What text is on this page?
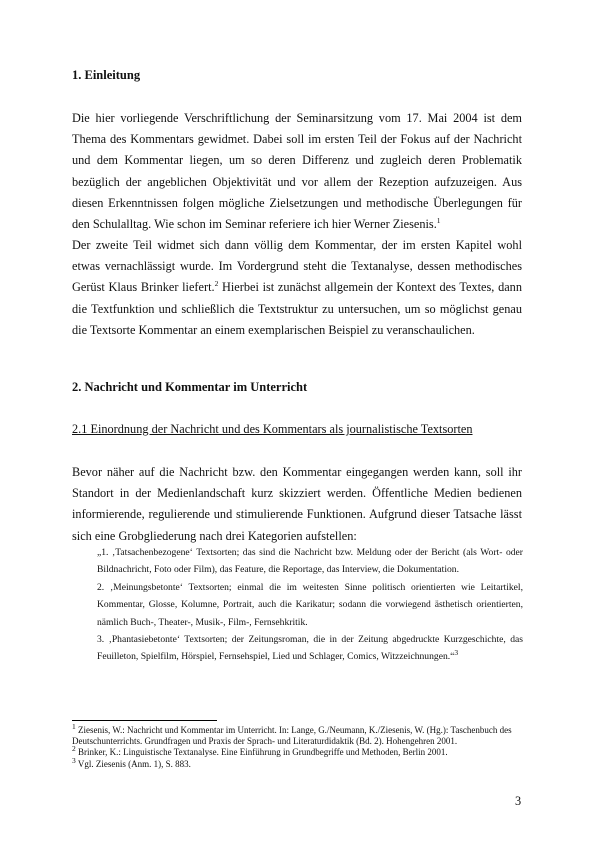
1. Einleitung
Die hier vorliegende Verschriftlichung der Seminarsitzung vom 17. Mai 2004 ist dem Thema des Kommentars gewidmet. Dabei soll im ersten Teil der Fokus auf der Nachricht und dem Kommentar liegen, um so deren Differenz und zugleich deren Problematik bezüglich der angeblichen Objektivität und vor allem der Rezeption aufzuzeigen. Aus diesen Erkenntnissen folgen mögliche Zielsetzungen und methodische Überlegungen für den Schulalltag. Wie schon im Seminar referiere ich hier Werner Ziesenis.$^1$
Der zweite Teil widmet sich dann völlig dem Kommentar, der im ersten Kapitel wohl etwas vernachlässigt wurde. Im Vordergrund steht die Textanalyse, dessen methodisches Gerüst Klaus Brinker liefert.$^2$ Hierbei ist zunächst allgemein der Kontext des Textes, dann die Textfunktion und schließlich die Textstruktur zu untersuchen, um so möglichst genau die Textsorte Kommentar an einem exemplarischen Beispiel zu veranschaulichen.
2. Nachricht und Kommentar im Unterricht
2.1 Einordnung der Nachricht und des Kommentars als journalistische Textsorten
Bevor näher auf die Nachricht bzw. den Kommentar eingegangen werden kann, soll ihr Standort in der Medienlandschaft kurz skizziert werden. Öffentliche Medien bedienen informierende, regulierende und stimulierende Funktionen. Aufgrund dieser Tatsache lässt sich eine Grobgliederung nach drei Kategorien aufstellen:
„1. ‚Tatsachenbezogene‘ Textsorten; das sind die Nachricht bzw. Meldung oder der Bericht (als Wort- oder Bildnachricht, Foto oder Film), das Feature, die Reportage, das Interview, die Dokumentation.
2. ‚Meinungsbetonte‘ Textsorten; einmal die im weitesten Sinne politisch orientierten wie Leitartikel, Kommentar, Glosse, Kolumne, Portrait, auch die Karikatur; sodann die vorwiegend ästhetisch orientierten, nämlich Buch-, Theater-, Musik-, Film-, Fernsehkritik.
3. ‚Phantasiebetonte‘ Textsorten; der Zeitungsroman, die in der Zeitung abgedruckte Kurzgeschichte, das Feuilleton, Spielfilm, Hörspiel, Fernsehspiel, Lied und Schlager, Comics, Witzzeichnungen.“$^3$

$^1$ Ziesenis, W.: Nachricht und Kommentar im Unterricht. In: Lange, G./Neumann, K./Ziesenis, W. (Hg.): Taschenbuch des Deutschunterrichts. Grundfragen und Praxis der Sprach- und Literaturdidaktik (Bd. 2). Hohengehren 2001.

$^2$ Brinker, K.: Linguistische Textanalyse. Eine Einführung in Grundbegriffe und Methoden, Berlin 2001.

$^3$ Vgl. Ziesenis (Anm. 1), S. 883.

3
